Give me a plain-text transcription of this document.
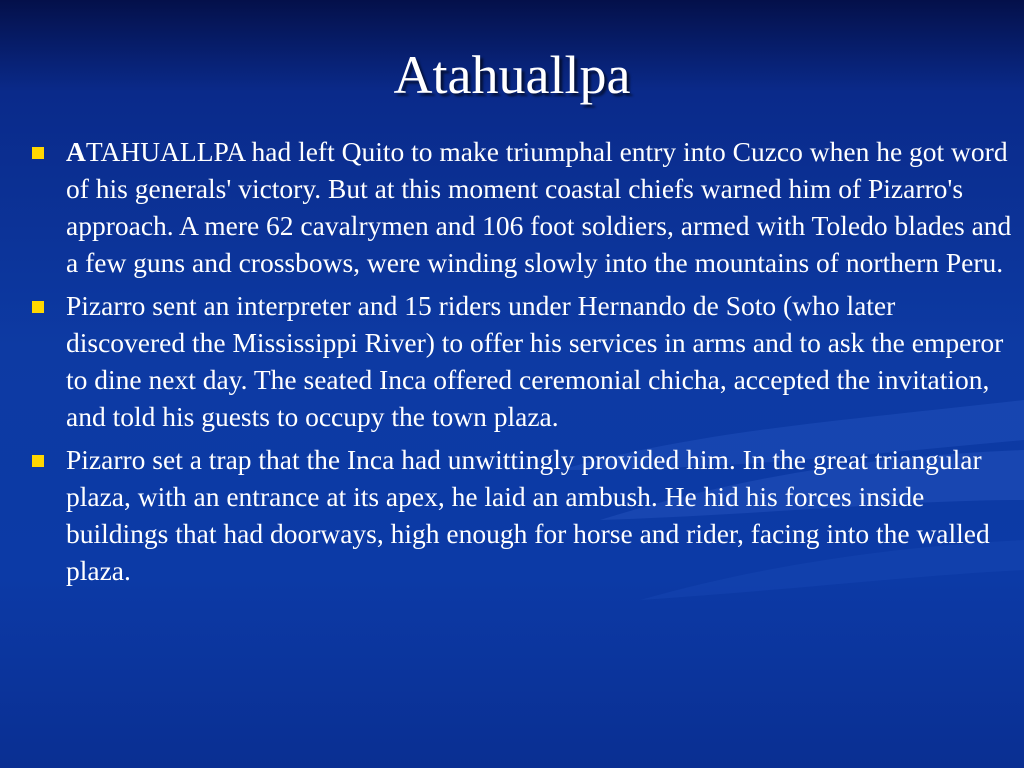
Atahuallpa
ATAHUALLPA had left Quito to make triumphal entry into Cuzco when he got word of his generals' victory. But at this moment coastal chiefs warned him of Pizarro's approach. A mere 62 cavalrymen and 106 foot soldiers, armed with Toledo blades and a few guns and crossbows, were winding slowly into the mountains of northern Peru.
Pizarro sent an interpreter and 15 riders under Hernando de Soto (who later discovered the Mississippi River) to offer his services in arms and to ask the emperor to dine next day. The seated Inca offered ceremonial chicha, accepted the invitation, and told his guests to occupy the town plaza.
Pizarro set a trap that the Inca had unwittingly provided him. In the great triangular plaza, with an entrance at its apex, he laid an ambush. He hid his forces inside buildings that had doorways, high enough for horse and rider, facing into the walled plaza.
